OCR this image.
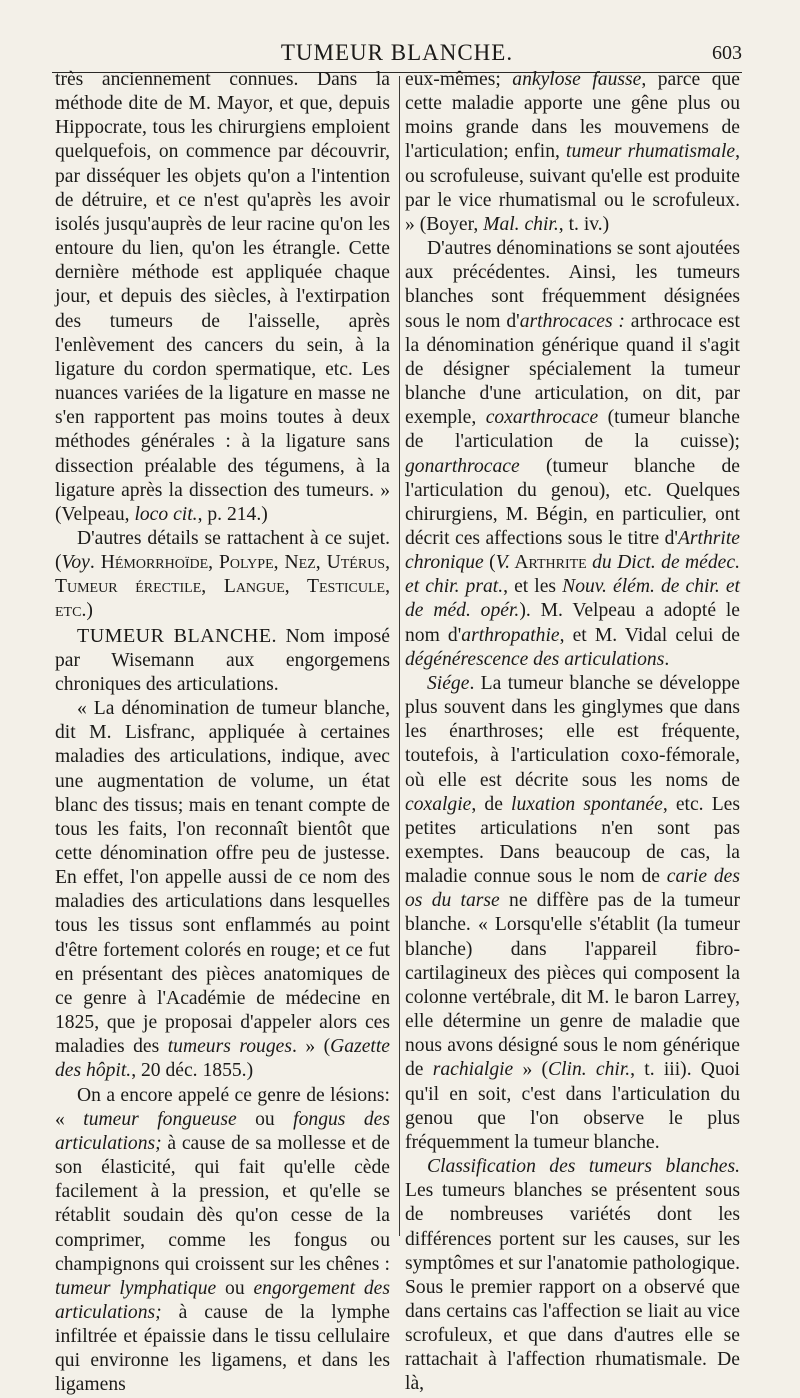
TUMEUR BLANCHE.	603

très anciennement connues. Dans la méthode dite de M. Mayor, et que, depuis Hippocrate, tous les chirurgiens emploient quelquefois, on commence par découvrir, par disséquer les objets qu'on a l'intention de détruire, et ce n'est qu'après les avoir isolés jusqu'auprès de leur racine qu'on les entoure du lien, qu'on les étrangle. Cette dernière méthode est appliquée chaque jour, et depuis des siècles, à l'extirpation des tumeurs de l'aisselle, après l'enlèvement des cancers du sein, à la ligature du cordon spermatique, etc. Les nuances variées de la ligature en masse ne s'en rapportent pas moins toutes à deux méthodes générales : à la ligature sans dissection préalable des tégumens, à la ligature après la dissection des tumeurs. » (Velpeau, loco cit., p. 214.)

D'autres détails se rattachent à ce sujet. (Voy. Hémorrhoïde, Polype, Nez, Utérus, Tumeur érectile, Langue, Testicule, etc.)

TUMEUR BLANCHE. Nom imposé par Wisemann aux engorgemens chroniques des articulations.

« La dénomination de tumeur blanche, dit M. Lisfranc, appliquée à certaines maladies des articulations, indique, avec une augmentation de volume, un état blanc des tissus; mais en tenant compte de tous les faits, l'on reconnaît bientôt que cette dénomination offre peu de justesse. En effet, l'on appelle aussi de ce nom des maladies des articulations dans lesquelles tous les tissus sont enflammés au point d'être fortement colorés en rouge; et ce fut en présentant des pièces anatomiques de ce genre à l'Académie de médecine en 1825, que je proposai d'appeler alors ces maladies des tumeurs rouges. » (Gazette des hôpit., 20 déc. 1855.)

On a encore appelé ce genre de lésions: « tumeur fongueuse ou fongus des articulations; à cause de sa mollesse et de son élasticité, qui fait qu'elle cède facilement à la pression, et qu'elle se rétablit soudain dès qu'on cesse de la comprimer, comme les fongus ou champignons qui croissent sur les chênes : tumeur lymphatique ou engorgement des articulations; à cause de la lymphe infiltrée et épaissie dans le tissu cellulaire qui environne les ligamens, et dans les ligamens

eux-mêmes; ankylose fausse, parce que cette maladie apporte une gêne plus ou moins grande dans les mouvemens de l'articulation; enfin, tumeur rhumatismale, ou scrofuleuse, suivant qu'elle est produite par le vice rhumatismal ou le scrofuleux. » (Boyer, Mal. chir., t. iv.)

D'autres dénominations se sont ajoutées aux précédentes. Ainsi, les tumeurs blanches sont fréquemment désignées sous le nom d'arthrocaces : arthrocace est la dénomination générique quand il s'agit de désigner spécialement la tumeur blanche d'une articulation, on dit, par exemple, coxarthrocace (tumeur blanche de l'articulation de la cuisse); gonarthrocace (tumeur blanche de l'articulation du genou), etc. Quelques chirurgiens, M. Bégin, en particulier, ont décrit ces affections sous le titre d'Arthrite chronique (V. Arthrite du Dict. de médec. et chir. prat., et les Nouv. élém. de chir. et de méd. opér.). M. Velpeau a adopté le nom d'arthropathie, et M. Vidal celui de dégénérescence des articulations.

Siége. La tumeur blanche se développe plus souvent dans les ginglymes que dans les énarthroses; elle est fréquente, toutefois, à l'articulation coxo-fémorale, où elle est décrite sous les noms de coxalgie, de luxation spontanée, etc. Les petites articulations n'en sont pas exemptes. Dans beaucoup de cas, la maladie connue sous le nom de carie des os du tarse ne diffère pas de la tumeur blanche. « Lorsqu'elle s'établit (la tumeur blanche) dans l'appareil fibro-cartilagineux des pièces qui composent la colonne vertébrale, dit M. le baron Larrey, elle détermine un genre de maladie que nous avons désigné sous le nom générique de rachialgie » (Clin. chir., t. iii). Quoi qu'il en soit, c'est dans l'articulation du genou que l'on observe le plus fréquemment la tumeur blanche.

Classification des tumeurs blanches. Les tumeurs blanches se présentent sous de nombreuses variétés dont les différences portent sur les causes, sur les symptômes et sur l'anatomie pathologique. Sous le premier rapport on a observé que dans certains cas l'affection se liait au vice scrofuleux, et que dans d'autres elle se rattachait à l'affection rhumatismale. De là,
